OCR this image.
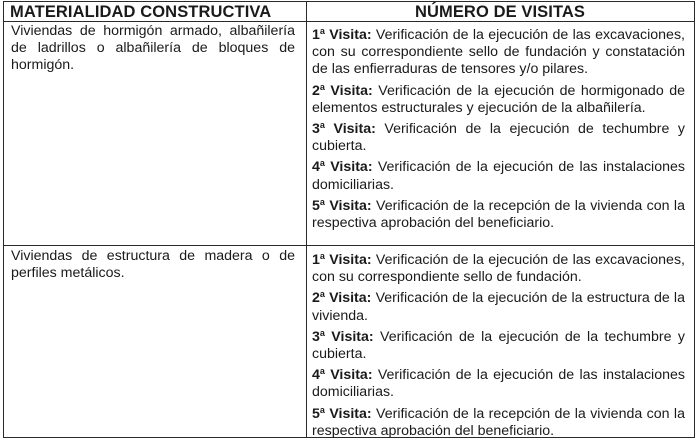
MATERIALIDAD CONSTRUCTIVA	NÚMERO DE VISITAS
Viviendas de hormigón armado, albañilería de ladrillos o albañilería de bloques de hormigón.

1$^a$ Visita: Verificación de la ejecución de las excavaciones, con su correspondiente sello de fundación y constatación de las enfierraduras de tensores y/o pilares.

2$^a$ Visita: Verificación de la ejecución de hormigonado de elementos estructurales y ejecución de la albañilería.

3$^a$ Visita: Verificación de la ejecución de techumbre y cubierta.

4$^a$ Visita: Verificación de la ejecución de las instalaciones domiciliarias.

5$^a$ Visita: Verificación de la recepción de la vivienda con la respectiva aprobación del beneficiario.

Viviendas de estructura de madera o de perfiles metálicos.

1$^a$ Visita: Verificación de la ejecución de las excavaciones, con su correspondiente sello de fundación.

2$^a$ Visita: Verificación de la ejecución de la estructura de la vivienda.

3$^a$ Visita: Verificación de la ejecución de la techumbre y cubierta.

4$^a$ Visita: Verificación de la ejecución de las instalaciones domiciliarias.

5$^a$ Visita: Verificación de la recepción de la vivienda con la respectiva aprobación del beneficiario.
